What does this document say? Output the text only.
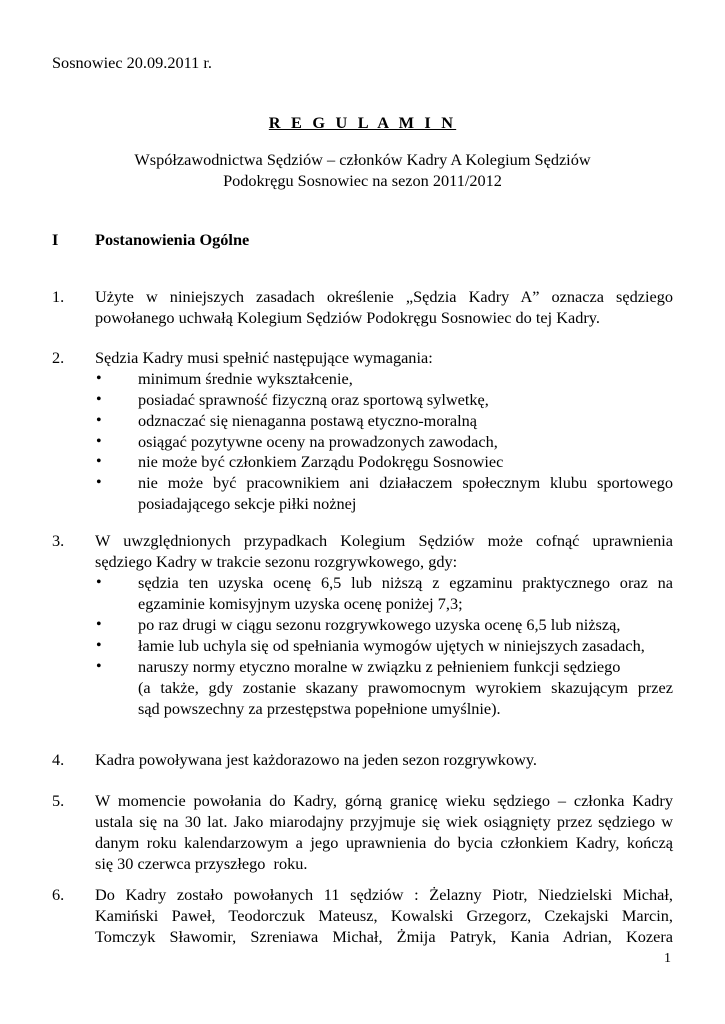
Sosnowiec 20.09.2011 r.
R E G U L A M I N
Współzawodnictwa Sędziów – członków Kadry A Kolegium Sędziów
Podokręgu Sosnowiec na sezon 2011/2012
I Postanowienia Ogólne
1. Użyte w niniejszych zasadach określenie „Sędzia Kadry A” oznacza sędziego
powołanego uchwałą Kolegium Sędziów Podokręgu Sosnowiec do tej Kadry.
2. Sędzia Kadry musi spełnić następujące wymagania:
• minimum średnie wykształcenie,
• posiadać sprawność fizyczną oraz sportową sylwetkę,
• odznaczać się nienaganna postawą etyczno-moralną
• osiągać pozytywne oceny na prowadzonych zawodach,
• nie może być członkiem Zarządu Podokręgu Sosnowiec
• nie może być pracownikiem ani działaczem społecznym klubu sportowego
posiadającego sekcje piłki nożnej
3. W uwzględnionych przypadkach Kolegium Sędziów może cofnąć uprawnienia
sędziego Kadry w trakcie sezonu rozgrywkowego, gdy:
• sędzia ten uzyska ocenę 6,5 lub niższą z egzaminu praktycznego oraz na
egzaminie komisyjnym uzyska ocenę poniżej 7,3;
• po raz drugi w ciągu sezonu rozgrywkowego uzyska ocenę 6,5 lub niższą,
• łamie lub uchyla się od spełniania wymogów ujętych w niniejszych zasadach,
• naruszy normy etyczno moralne w związku z pełnieniem funkcji sędziego
(a także, gdy zostanie skazany prawomocnym wyrokiem skazującym przez
sąd powszechny za przestępstwa popełnione umyślnie).
4. Kadra powoływana jest każdorazowo na jeden sezon rozgrywkowy.
5. W momencie powołania do Kadry, górną granicę wieku sędziego – członka Kadry
ustala się na 30 lat. Jako miarodajny przyjmuje się wiek osiągnięty przez sędziego w
danym roku kalendarzowym a jego uprawnienia do bycia członkiem Kadry, kończą
się 30 czerwca przyszłego  roku.
6. Do Kadry zostało powołanych 11 sędziów : Żelazny Piotr, Niedzielski Michał,
Kamiński Paweł, Teodorczuk Mateusz, Kowalski Grzegorz, Czekajski Marcin,
Tomczyk Sławomir, Szreniawa Michał, Żmija Patryk, Kania Adrian, Kozera
1
